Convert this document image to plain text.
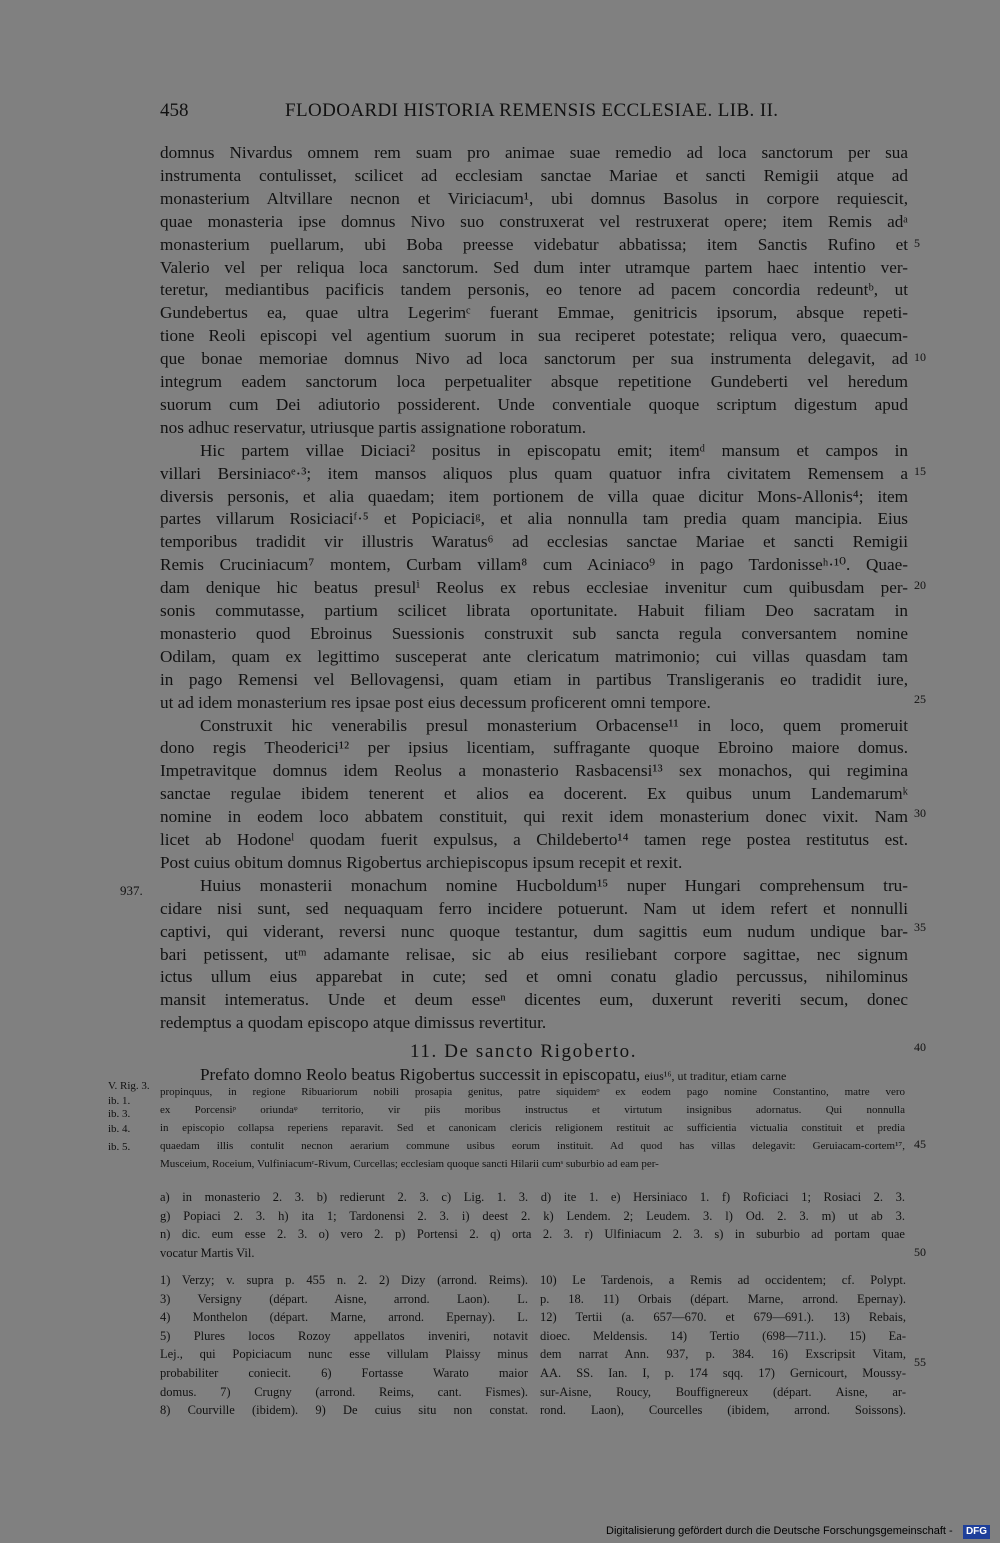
458	FLODOARDI HISTORIA REMENSIS ECCLESIAE. LIB. II.
domnus Nivardus omnem rem suam pro animae suae remedio ad loca sanctorum per sua
instrumenta contulisset, scilicet ad ecclesiam sanctae Mariae et sancti Remigii atque ad
monasterium Altvillare necnon et Viriciacum¹, ubi domnus Basolus in corpore requiescit,
quae monasteria ipse domnus Nivo suo construxerat vel restruxerat opere; item Remis adᵃ
monasterium puellarum, ubi Boba preesse videbatur abbatissa; item Sanctis Rufino et
Valerio vel per reliqua loca sanctorum. Sed dum inter utramque partem haec intentio ver-
teretur, mediantibus pacificis tandem personis, eo tenore ad pacem concordia redeuntᵇ, ut
Gundebertus ea, quae ultra Legerimᶜ fuerant Emmae, genitricis ipsorum, absque repeti-
tione Reoli episcopi vel agentium suorum in sua reciperet potestate; reliqua vero, quaecum-
que bonae memoriae domnus Nivo ad loca sanctorum per sua instrumenta delegavit, ad
integrum eadem sanctorum loca perpetualiter absque repetitione Gundeberti vel heredum
suorum cum Dei adiutorio possiderent. Unde conventiale quoque scriptum digestum apud
nos adhuc reservatur, utriusque partis assignatione roboratum.
Hic partem villae Diciaci² positus in episcopatu emit; itemᵈ mansum et campos in
villari Bersiniacoᵉ·³; item mansos aliquos plus quam quatuor infra civitatem Remensem a
diversis personis, et alia quaedam; item portionem de villa quae dicitur Mons-Allonis⁴; item
partes villarum Rosiciaciᶠ·⁵ et Popiciaciᵍ, et alia nonnulla tam predia quam mancipia. Eius
temporibus tradidit vir illustris Waratus⁶ ad ecclesias sanctae Mariae et sancti Remigii
Remis Cruciniacum⁷ montem, Curbam villam⁸ cum Aciniaco⁹ in pago Tardonisseʰ·¹⁰. Quae-
dam denique hic beatus presulⁱ Reolus ex rebus ecclesiae invenitur cum quibusdam per-
sonis commutasse, partium scilicet librata oportunitate. Habuit filiam Deo sacratam in
monasterio quod Ebroinus Suessionis construxit sub sancta regula conversantem nomine
Odilam, quam ex legittimo susceperat ante clericatum matrimonio; cui villas quasdam tam
in pago Remensi vel Bellovagensi, quam etiam in partibus Transligeranis eo tradidit iure,
ut ad idem monasterium res ipsae post eius decessum proficerent omni tempore.
Construxit hic venerabilis presul monasterium Orbacense¹¹ in loco, quem promeruit
dono regis Theoderici¹² per ipsius licentiam, suffragante quoque Ebroino maiore domus.
Impetravitque domnus idem Reolus a monasterio Rasbacensi¹³ sex monachos, qui regimina
sanctae regulae ibidem tenerent et alios ea docerent. Ex quibus unum Landemarumᵏ
nomine in eodem loco abbatem constituit, qui rexit idem monasterium donec vixit. Nam
licet ab Hodoneˡ quodam fuerit expulsus, a Childeberto¹⁴ tamen rege postea restitutus est.
Post cuius obitum domnus Rigobertus archiepiscopus ipsum recepit et rexit.
Huius monasterii monachum nomine Hucboldum¹⁵ nuper Hungari comprehensum tru-
cidare nisi sunt, sed nequaquam ferro incidere potuerunt. Nam ut idem refert et nonnulli
captivi, qui viderant, reversi nunc quoque testantur, dum sagittis eum nudum undique bar-
bari petissent, utᵐ adamante relisae, sic ab eius resiliebant corpore sagittae, nec signum
ictus ullum eius apparebat in cute; sed et omni conatu gladio percussus, nihilominus
mansit intemeratus. Unde et deum esseⁿ dicentes eum, duxerunt reveriti secum, donec
redemptus a quodam episcopo atque dimissus revertitur.
5
10
15
20
25
30
35
40
45
50
55
937.
11. De sancto Rigoberto.
Prefato domno Reolo beatus Rigobertus successit in episcopatu, eius¹⁶, ut traditur, etiam carne
propinquus, in regione Ribuariorum nobili prosapia genitus, patre siquidemᵒ ex eodem pago nomine Constantino, matre vero
ex Porcensiᵖ oriundaᵠ territorio, vir piis moribus instructus et virtutum insignibus adornatus. Qui nonnulla
in episcopio collapsa reperiens reparavit. Sed et canonicam clericis religionem restituit ac sufficientia victualia constituit et predia
quaedam illis contulit necnon aerarium commune usibus eorum instituit. Ad quod has villas delegavit: Geruiacam-cortem¹⁷,
Musceium, Roceium, Vulfiniacumʳ-Rivum, Curcellas; ecclesiam quoque sancti Hilarii cumˢ suburbio ad eam per-
V. Rig. 3.
ib. 1.
ib. 3.
ib. 4.
ib. 5.
a) in monasterio 2. 3. b) redierunt 2. 3. c) Lig. 1. 3. d) ite 1. e) Hersiniaco 1. f) Roficiaci 1; Rosiaci 2. 3.
g) Popiaci 2. 3. h) ita 1; Tardonensi 2. 3. i) deest 2. k) Lendem. 2; Leudem. 3. l) Od. 2. 3. m) ut ab 3.
n) dic. eum esse 2. 3. o) vero 2. p) Portensi 2. q) orta 2. 3. r) Ulfiniacum 2. 3. s) in suburbio ad portam quae
vocatur Martis Vil.
1) Verzy; v. supra p. 455 n. 2. 2) Dizy (arrond. Reims).
3) Versigny (départ. Aisne, arrond. Laon). L.
4) Monthelon (départ. Marne, arrond. Epernay). L.
5) Plures locos Rozoy appellatos inveniri, notavit
Lej., qui Popiciacum nunc esse villulam Plaissy minus
probabiliter coniecit. 6) Fortasse Warato maior
domus. 7) Crugny (arrond. Reims, cant. Fismes).
8) Courville (ibidem). 9) De cuius situ non constat.
10) Le Tardenois, a Remis ad occidentem; cf. Polypt.
p. 18. 11) Orbais (départ. Marne, arrond. Epernay).
12) Tertii (a. 657—670. et 679—691.). 13) Rebais,
dioec. Meldensis. 14) Tertio (698—711.). 15) Ea-
dem narrat Ann. 937, p. 384. 16) Exscripsit Vitam,
AA. SS. Ian. I, p. 174 sqq. 17) Gernicourt, Moussy-
sur-Aisne, Roucy, Bouffignereux (départ. Aisne, ar-
rond. Laon), Courcelles (ibidem, arrond. Soissons).
Digitalisierung gefördert durch die Deutsche Forschungsgemeinschaft - DFG
